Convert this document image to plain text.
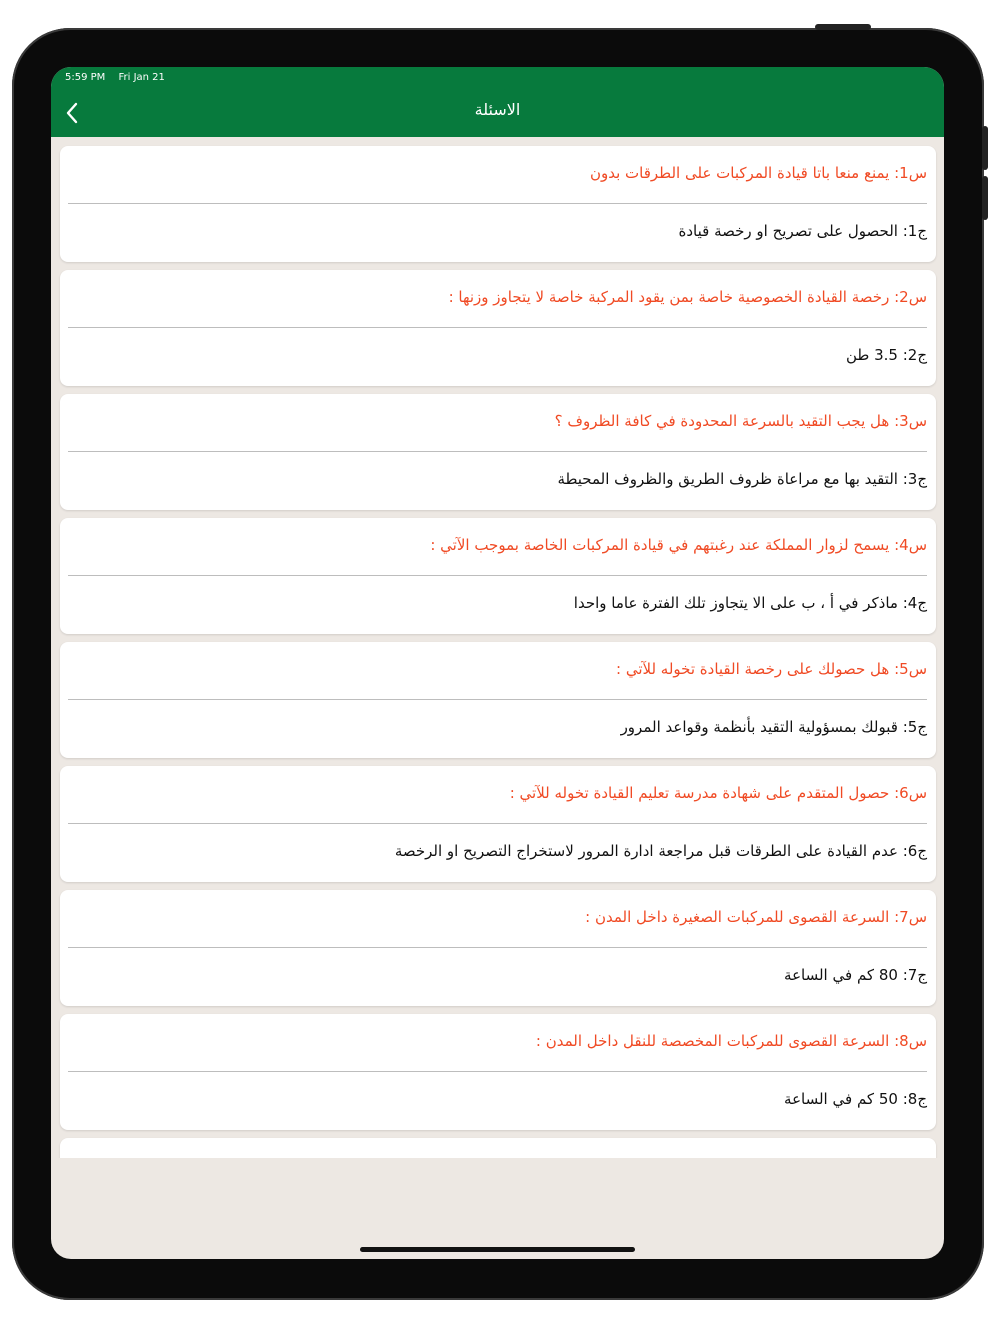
5:59 PM Fri Jan 21
الاسئلة
س1: يمنع منعا باتا قيادة المركبات على الطرقات بدون
ج1: الحصول على تصريح او رخصة قيادة
س2: رخصة القيادة الخصوصية خاصة بمن يقود المركبة خاصة لا يتجاوز وزنها :
ج2: 3.5 طن
س3: هل يجب التقيد بالسرعة المحدودة في كافة الظروف ؟
ج3: التقيد بها مع مراعاة ظروف الطريق والظروف المحيطة
س4: يسمح لزوار المملكة عند رغبتهم في قيادة المركبات الخاصة بموجب الآتي :
ج4: ماذكر في أ ، ب على الا يتجاوز تلك الفترة عاما واحدا
س5: هل حصولك على رخصة القيادة تخوله للآتي :
ج5: قبولك بمسؤولية التقيد بأنظمة وقواعد المرور
س6: حصول المتقدم على شهادة مدرسة تعليم القيادة تخوله للآتي :
ج6: عدم القيادة على الطرقات قبل مراجعة ادارة المرور لاستخراج التصريح او الرخصة
س7: السرعة القصوى للمركبات الصغيرة داخل المدن :
ج7: 80 كم في الساعة
س8: السرعة القصوى للمركبات المخصصة للنقل داخل المدن :
ج8: 50 كم في الساعة
